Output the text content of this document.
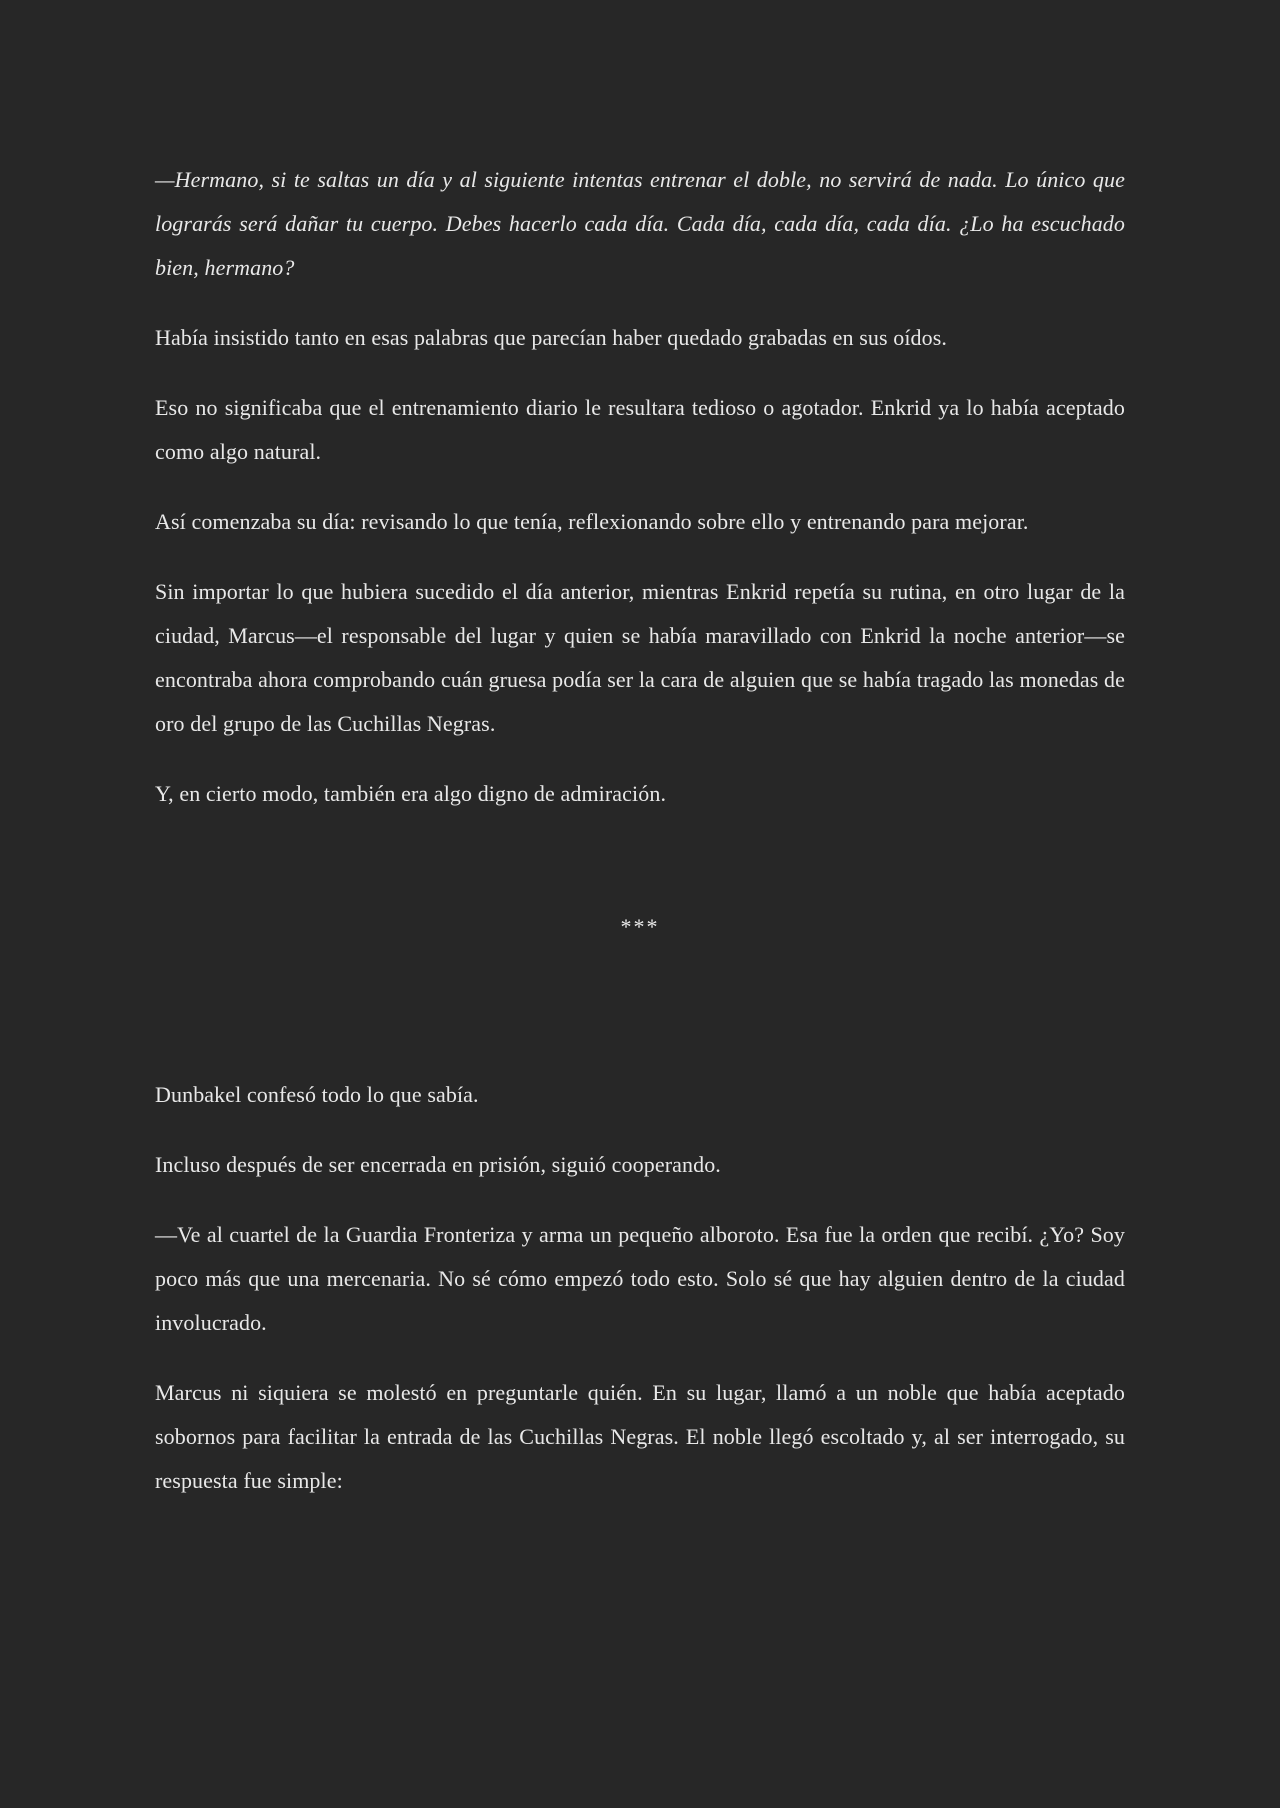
—Hermano, si te saltas un día y al siguiente intentas entrenar el doble, no servirá de nada. Lo único que lograrás será dañar tu cuerpo. Debes hacerlo cada día. Cada día, cada día, cada día. ¿Lo ha escuchado bien, hermano?

Había insistido tanto en esas palabras que parecían haber quedado grabadas en sus oídos.

Eso no significaba que el entrenamiento diario le resultara tedioso o agotador. Enkrid ya lo había aceptado como algo natural.

Así comenzaba su día: revisando lo que tenía, reflexionando sobre ello y entrenando para mejorar.

Sin importar lo que hubiera sucedido el día anterior, mientras Enkrid repetía su rutina, en otro lugar de la ciudad, Marcus—el responsable del lugar y quien se había maravillado con Enkrid la noche anterior—se encontraba ahora comprobando cuán gruesa podía ser la cara de alguien que se había tragado las monedas de oro del grupo de las Cuchillas Negras.

Y, en cierto modo, también era algo digno de admiración.

***

Dunbakel confesó todo lo que sabía.

Incluso después de ser encerrada en prisión, siguió cooperando.

—Ve al cuartel de la Guardia Fronteriza y arma un pequeño alboroto. Esa fue la orden que recibí. ¿Yo? Soy poco más que una mercenaria. No sé cómo empezó todo esto. Solo sé que hay alguien dentro de la ciudad involucrado.

Marcus ni siquiera se molestó en preguntarle quién. En su lugar, llamó a un noble que había aceptado sobornos para facilitar la entrada de las Cuchillas Negras. El noble llegó escoltado y, al ser interrogado, su respuesta fue simple:
